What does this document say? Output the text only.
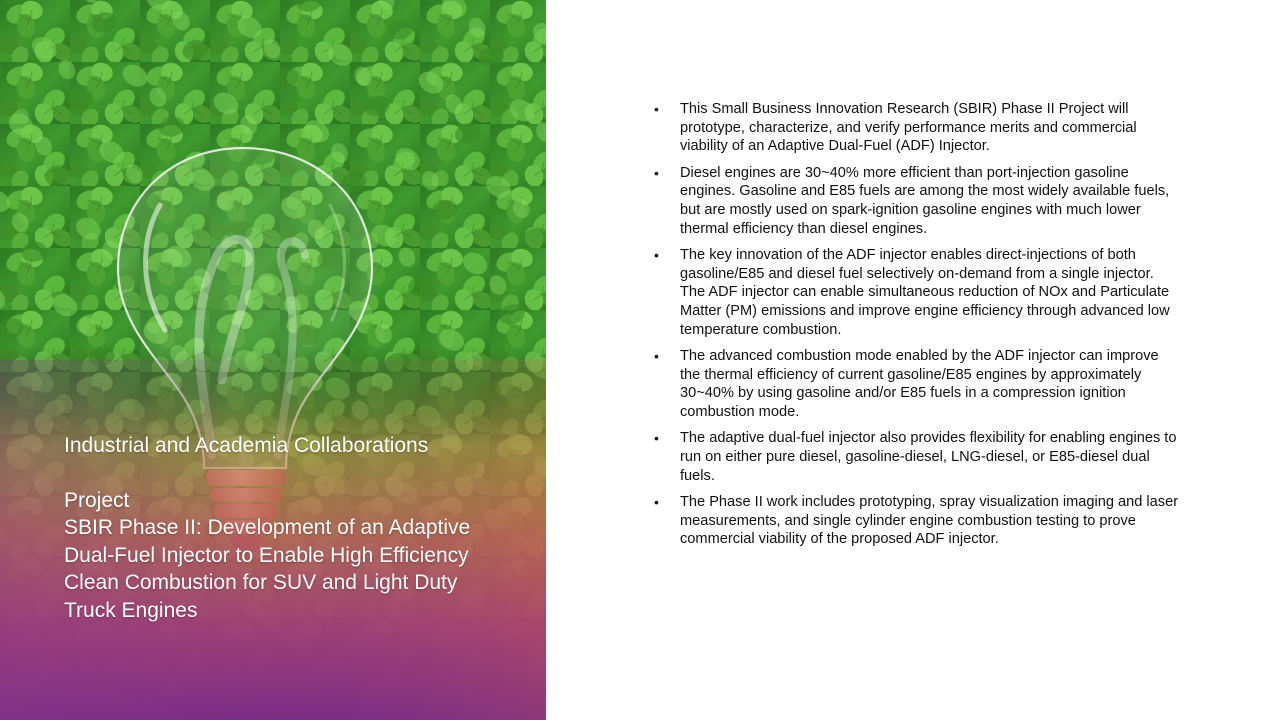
Industrial and Academia Collaborations
Project
SBIR Phase II: Development of an Adaptive Dual-Fuel Injector to Enable High Efficiency Clean Combustion for SUV and Light Duty Truck Engines
•	This Small Business Innovation Research (SBIR) Phase II Project will prototype, characterize, and verify performance merits and commercial viability of an Adaptive Dual-Fuel (ADF) Injector.
•	Diesel engines are 30~40% more efficient than port-injection gasoline engines. Gasoline and E85 fuels are among the most widely available fuels, but are mostly used on spark-ignition gasoline engines with much lower thermal efficiency than diesel engines.
•	The key innovation of the ADF injector enables direct-injections of both gasoline/E85 and diesel fuel selectively on-demand from a single injector. The ADF injector can enable simultaneous reduction of NOx and Particulate Matter (PM) emissions and improve engine efficiency through advanced low temperature combustion.
•	The advanced combustion mode enabled by the ADF injector can improve the thermal efficiency of current gasoline/E85 engines by approximately 30~40% by using gasoline and/or E85 fuels in a compression ignition combustion mode.
•	The adaptive dual-fuel injector also provides flexibility for enabling engines to run on either pure diesel, gasoline-diesel, LNG-diesel, or E85-diesel dual fuels.
•	The Phase II work includes prototyping, spray visualization imaging and laser measurements, and single cylinder engine combustion testing to prove commercial viability of the proposed ADF injector.
